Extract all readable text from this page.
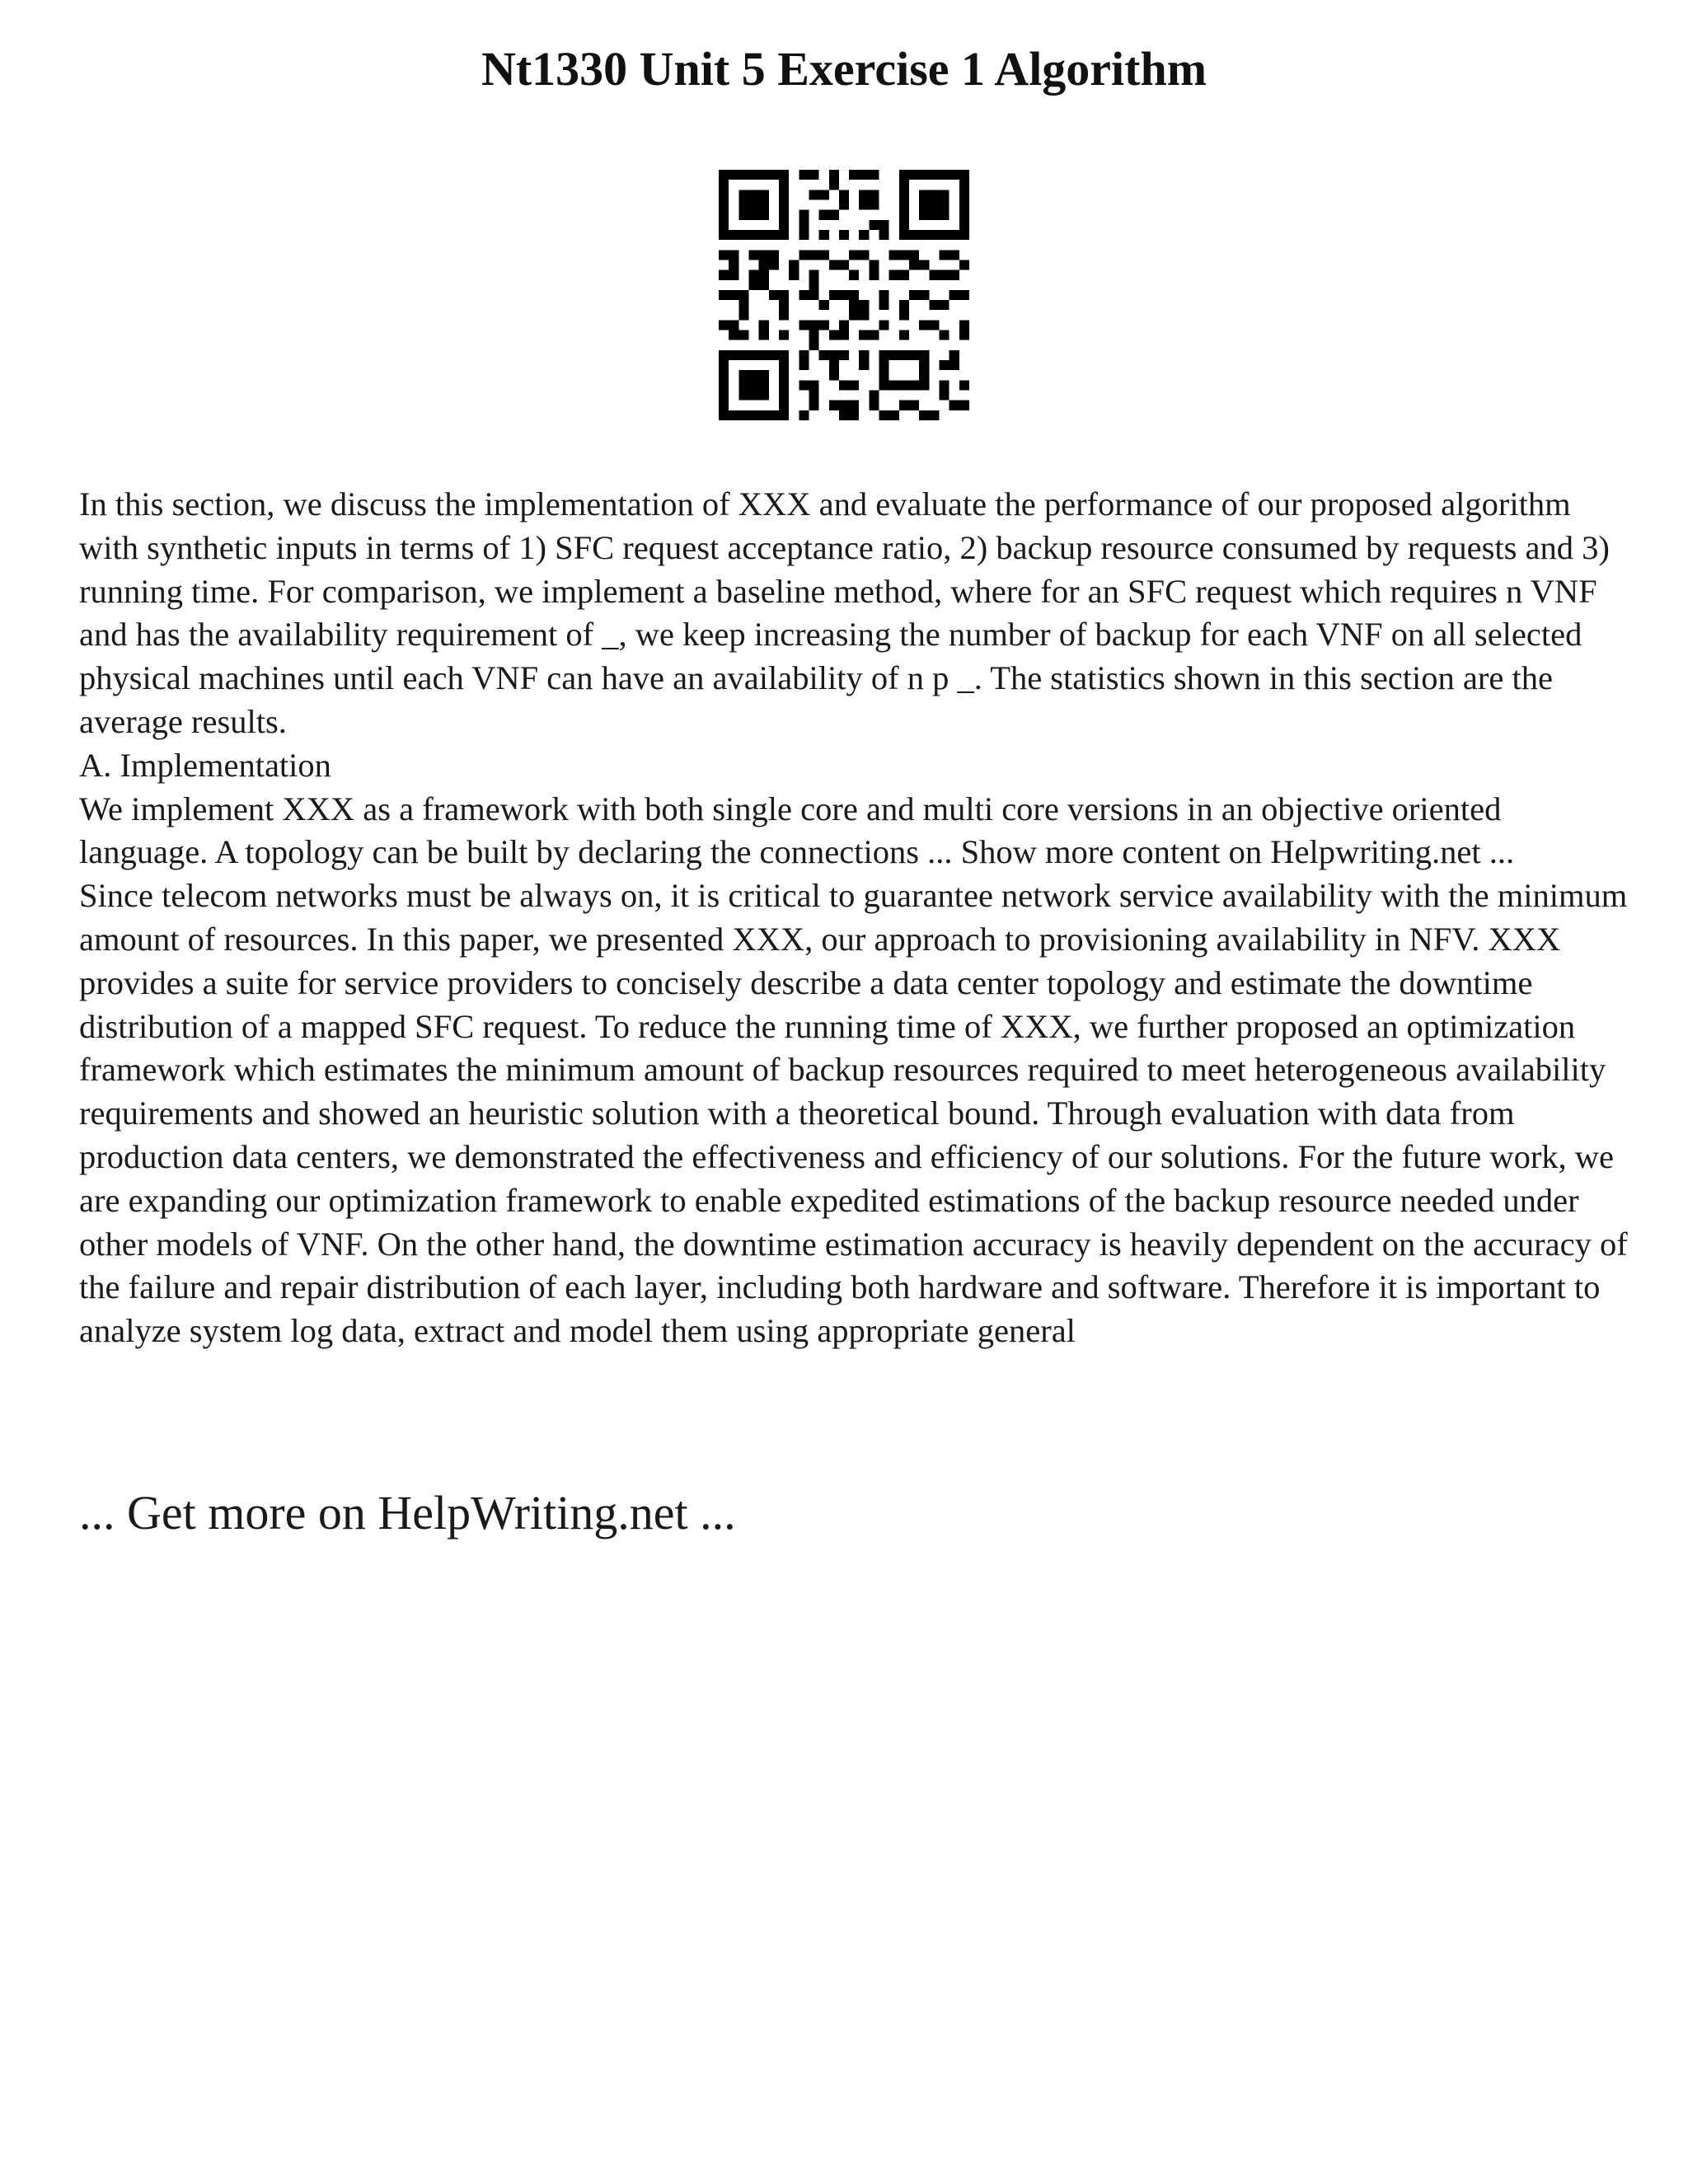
Nt1330 Unit 5 Exercise 1 Algorithm

In this section, we discuss the implementation of XXX and evaluate the performance of our proposed algorithm with synthetic inputs in terms of 1) SFC request acceptance ratio, 2) backup resource consumed by requests and 3) running time. For comparison, we implement a baseline method, where for an SFC request which requires n VNF and has the availability requirement of _, we keep increasing the number of backup for each VNF on all selected physical machines until each VNF can have an availability of n p _. The statistics shown in this section are the average results.

A. Implementation

We implement XXX as a framework with both single core and multi core versions in an objective oriented language. A topology can be built by declaring the connections ... Show more content on Helpwriting.net ...

Since telecom networks must be always on, it is critical to guarantee network service availability with the minimum amount of resources. In this paper, we presented XXX, our approach to provisioning availability in NFV. XXX provides a suite for service providers to concisely describe a data center topology and estimate the downtime distribution of a mapped SFC request. To reduce the running time of XXX, we further proposed an optimization framework which estimates the minimum amount of backup resources required to meet heterogeneous availability requirements and showed an heuristic solution with a theoretical bound. Through evaluation with data from production data centers, we demonstrated the effectiveness and efficiency of our solutions. For the future work, we are expanding our optimization framework to enable expedited estimations of the backup resource needed under other models of VNF. On the other hand, the downtime estimation accuracy is heavily dependent on the accuracy of the failure and repair distribution of each layer, including both hardware and software. Therefore it is important to analyze system log data, extract and model them using appropriate general

... Get more on HelpWriting.net ...
